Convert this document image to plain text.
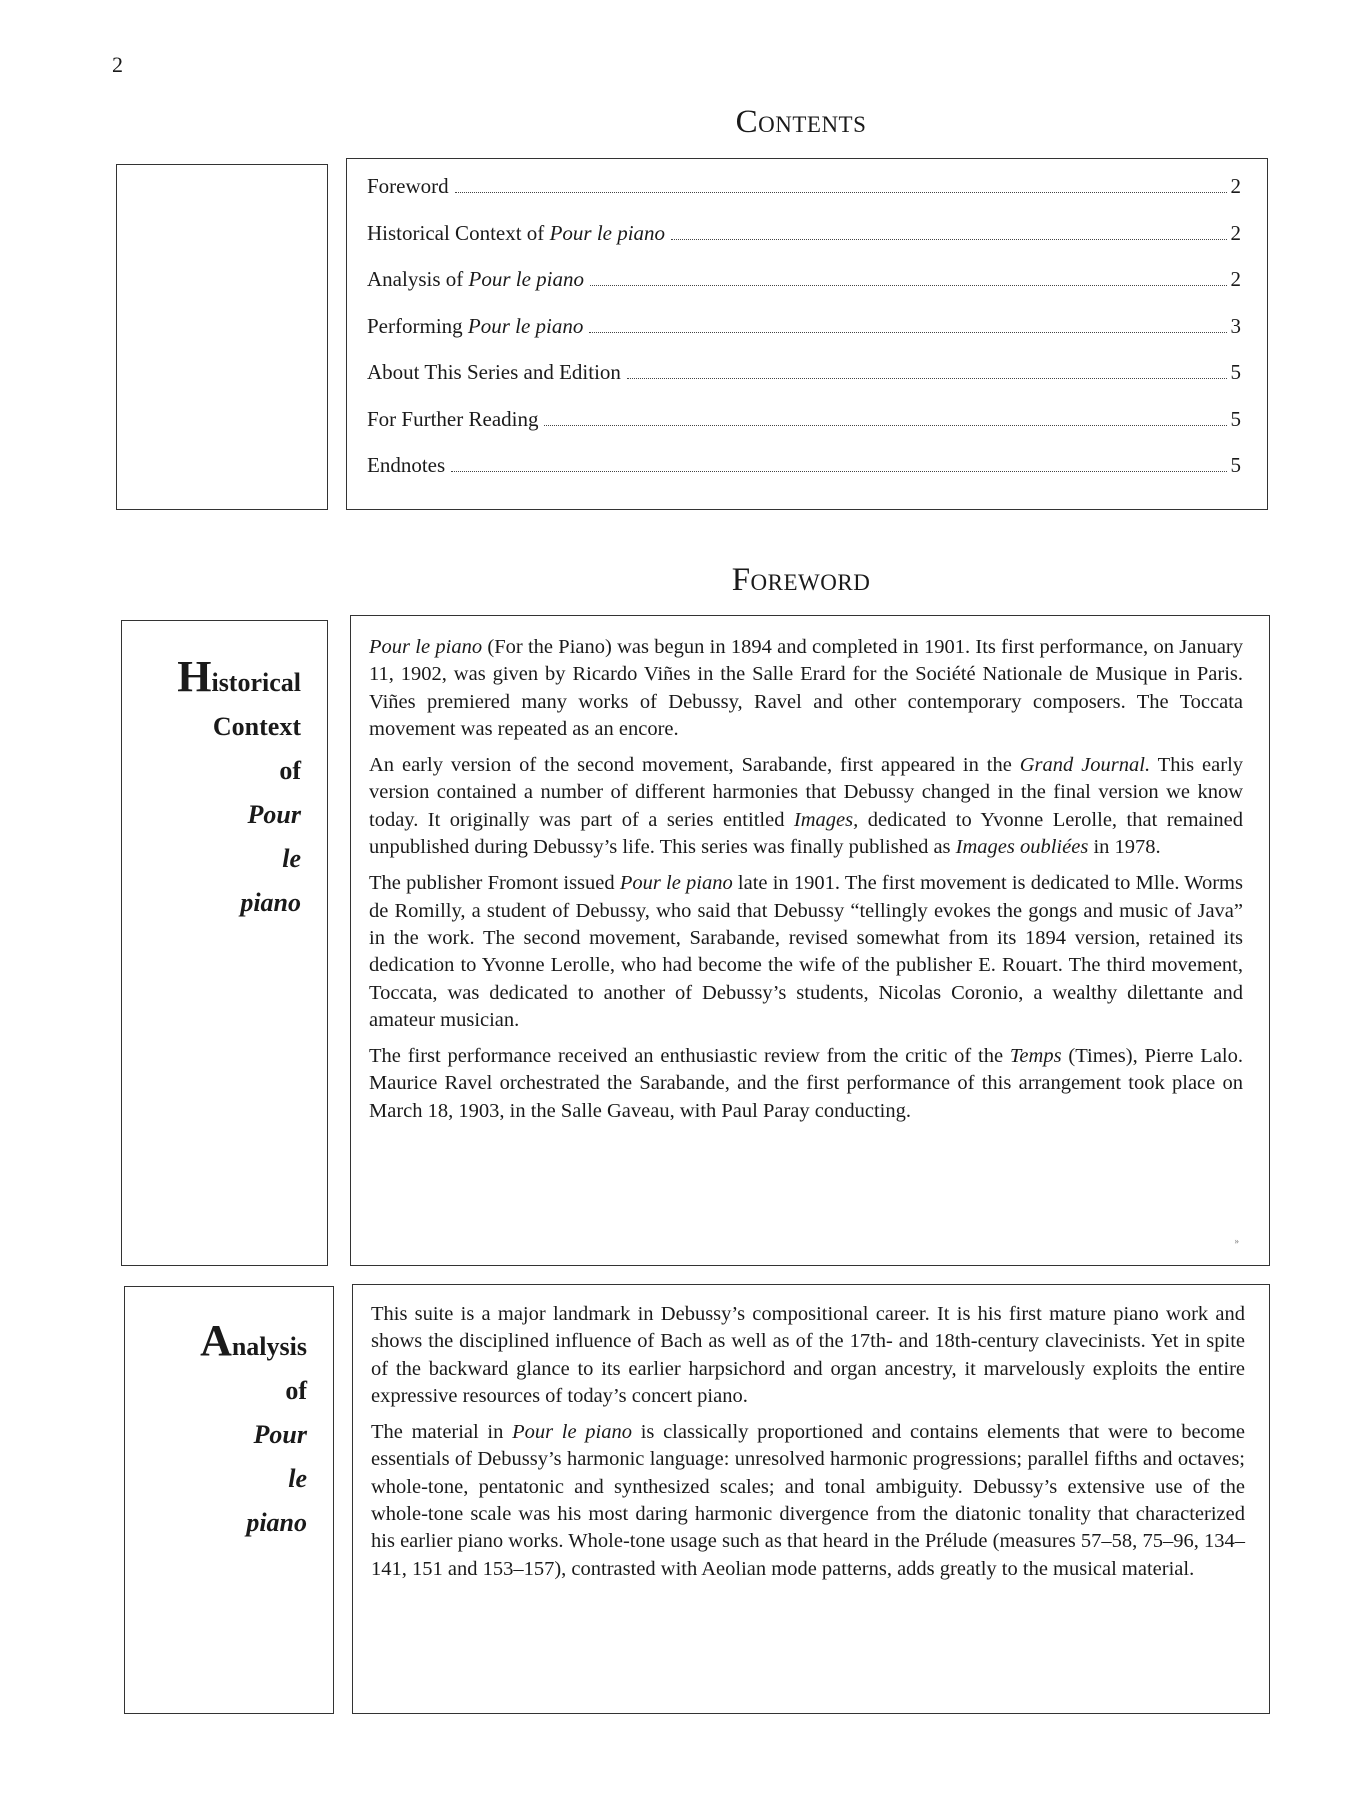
2
Contents
Foreword	2
Historical Context of Pour le piano	2
Analysis of Pour le piano	2
Performing Pour le piano	3
About This Series and Edition	5
For Further Reading	5
Endnotes	5
Foreword
Historical
Context
of
Pour
le
piano

Pour le piano (For the Piano) was begun in 1894 and completed in 1901. Its first performance, on January 11, 1902, was given by Ricardo Viñes in the Salle Erard for the Société Nationale de Musique in Paris. Viñes premiered many works of Debussy, Ravel and other contemporary composers. The Toccata movement was repeated as an encore.

An early version of the second movement, Sarabande, first appeared in the Grand Journal. This early version contained a number of different harmonies that Debussy changed in the final version we know today. It originally was part of a series entitled Images, dedicated to Yvonne Lerolle, that remained unpublished during Debussy’s life. This series was finally published as Images oubliées in 1978.

The publisher Fromont issued Pour le piano late in 1901. The first movement is dedicated to Mlle. Worms de Romilly, a student of Debussy, who said that Debussy “tellingly evokes the gongs and music of Java” in the work. The second movement, Sarabande, revised somewhat from its 1894 version, retained its dedication to Yvonne Lerolle, who had become the wife of the publisher E. Rouart. The third movement, Toccata, was dedicated to another of Debussy’s students, Nicolas Coronio, a wealthy dilettante and amateur musician.

The first performance received an enthusiastic review from the critic of the Temps (Times), Pierre Lalo. Maurice Ravel orchestrated the Sarabande, and the first performance of this arrangement took place on March 18, 1903, in the Salle Gaveau, with Paul Paray conducting.

»
Analysis
of
Pour
le
piano

This suite is a major landmark in Debussy’s compositional career. It is his first mature piano work and shows the disciplined influence of Bach as well as of the 17th- and 18th-century clavecinists. Yet in spite of the backward glance to its earlier harpsichord and organ ancestry, it marvelously exploits the entire expressive resources of today’s concert piano.

The material in Pour le piano is classically proportioned and contains elements that were to become essentials of Debussy’s harmonic language: unresolved harmonic progressions; parallel fifths and octaves; whole-tone, pentatonic and synthesized scales; and tonal ambiguity. Debussy’s extensive use of the whole-tone scale was his most daring harmonic divergence from the diatonic tonality that characterized his earlier piano works. Whole-tone usage such as that heard in the Prélude (measures 57–58, 75–96, 134–141, 151 and 153–157), contrasted with Aeolian mode patterns, adds greatly to the musical material.
